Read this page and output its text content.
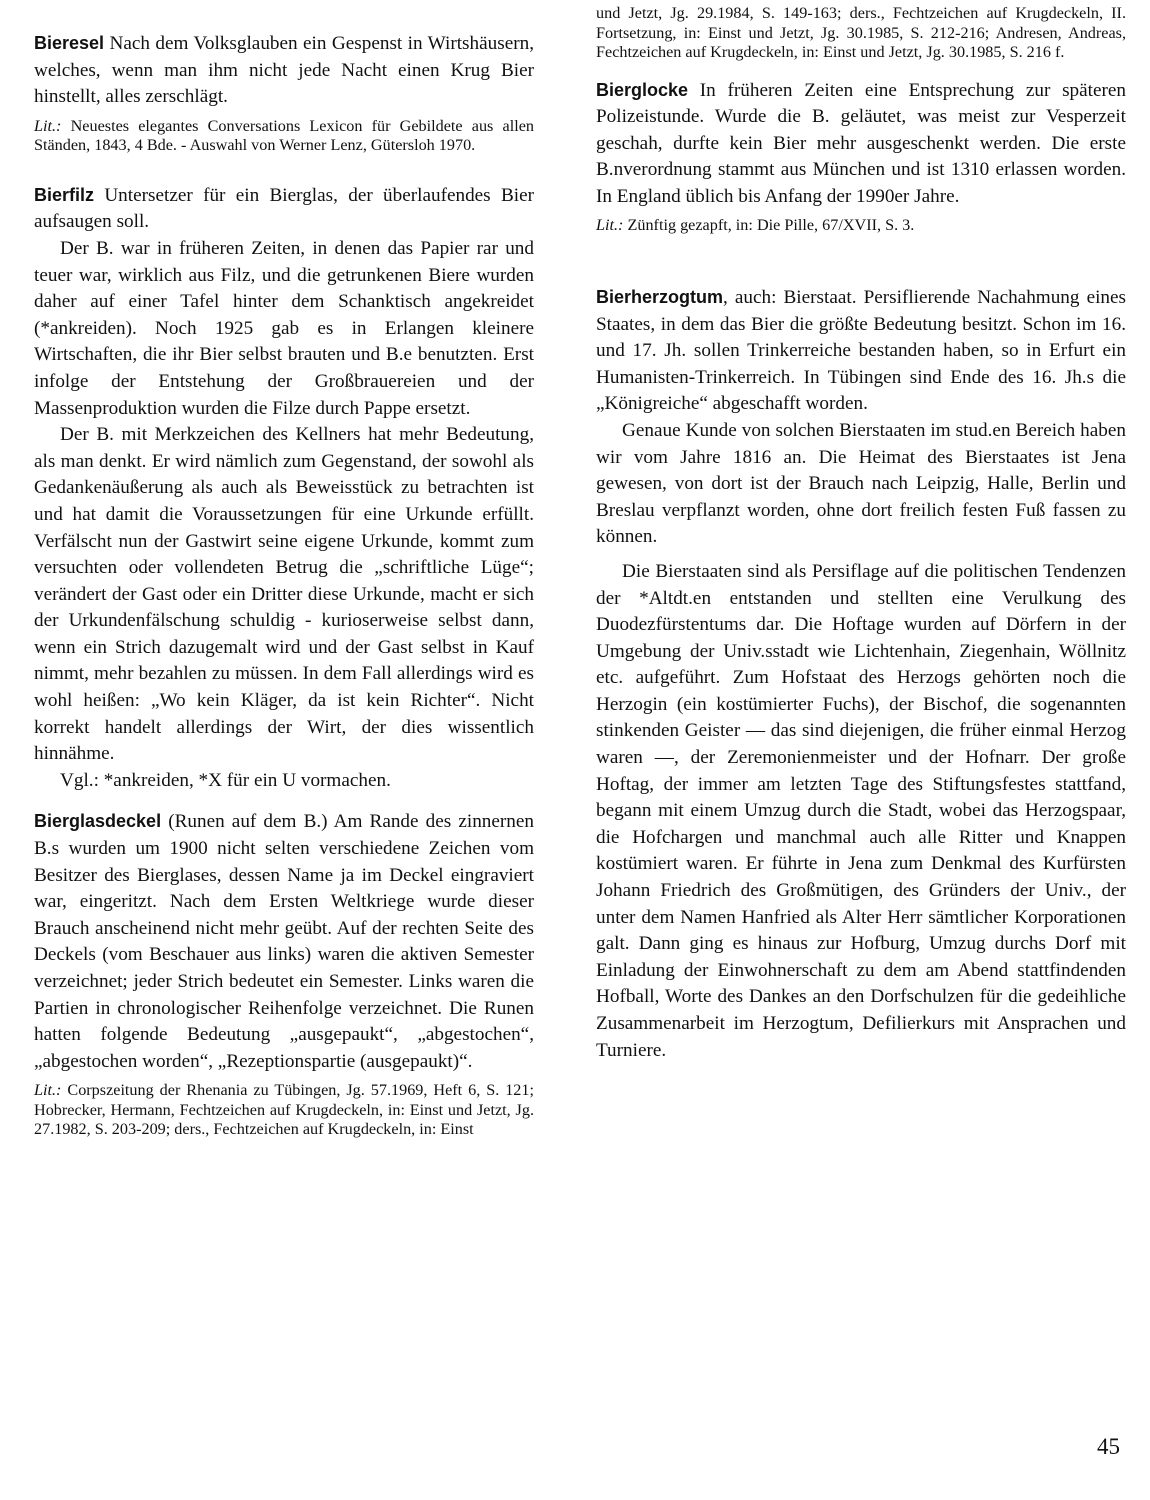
Bieresel Nach dem Volksglauben ein Gespenst in Wirtshäusern, welches, wenn man ihm nicht jede Nacht einen Krug Bier hinstellt, alles zerschlägt.

Lit.: Neuestes elegantes Conversations Lexicon für Gebildete aus allen Ständen, 1843, 4 Bde. - Auswahl von Werner Lenz, Gütersloh 1970.

Bierfilz Untersetzer für ein Bierglas, der überlaufendes Bier aufsaugen soll.

Der B. war in früheren Zeiten, in denen das Papier rar und teuer war, wirklich aus Filz, und die getrunkenen Biere wurden daher auf einer Tafel hinter dem Schanktisch angekreidet (*ankreiden). Noch 1925 gab es in Erlangen kleinere Wirtschaften, die ihr Bier selbst brauten und B.e benutzten. Erst infolge der Entstehung der Großbrauereien und der Massenproduktion wurden die Filze durch Pappe ersetzt.

Der B. mit Merkzeichen des Kellners hat mehr Bedeutung, als man denkt. Er wird nämlich zum Gegenstand, der sowohl als Gedankenäußerung als auch als Beweisstück zu betrachten ist und hat damit die Voraussetzungen für eine Urkunde erfüllt. Verfälscht nun der Gastwirt seine eigene Urkunde, kommt zum versuchten oder vollendeten Betrug die „schriftliche Lüge“; verändert der Gast oder ein Dritter diese Urkunde, macht er sich der Urkundenfälschung schuldig - kurioserweise selbst dann, wenn ein Strich dazugemalt wird und der Gast selbst in Kauf nimmt, mehr bezahlen zu müssen. In dem Fall allerdings wird es wohl heißen: „Wo kein Kläger, da ist kein Richter“. Nicht korrekt handelt allerdings der Wirt, der dies wissentlich hinnähme.

Vgl.: *ankreiden, *X für ein U vormachen.

Bierglasdeckel (Runen auf dem B.) Am Rande des zinnernen B.s wurden um 1900 nicht selten verschiedene Zeichen vom Besitzer des Bierglases, dessen Name ja im Deckel eingraviert war, eingeritzt. Nach dem Ersten Weltkriege wurde dieser Brauch anscheinend nicht mehr geübt. Auf der rechten Seite des Deckels (vom Beschauer aus links) waren die aktiven Semester verzeichnet; jeder Strich bedeutet ein Semester. Links waren die Partien in chronologischer Reihenfolge verzeichnet. Die Runen hatten folgende Bedeutung „ausgepaukt“, „abgestochen“, „abgestochen worden“, „Rezeptionspartie (ausgepaukt)“.

Lit.: Corpszeitung der Rhenania zu Tübingen, Jg. 57.1969, Heft 6, S. 121; Hobrecker, Hermann, Fechtzeichen auf Krugdeckeln, in: Einst und Jetzt, Jg. 27.1982, S. 203-209; ders., Fechtzeichen auf Krugdeckeln, in: Einst

und Jetzt, Jg. 29.1984, S. 149-163; ders., Fechtzeichen auf Krugdeckeln, II. Fortsetzung, in: Einst und Jetzt, Jg. 30.1985, S. 212-216; Andresen, Andreas, Fechtzeichen auf Krugdeckeln, in: Einst und Jetzt, Jg. 30.1985, S. 216 f.

Bierglocke In früheren Zeiten eine Entsprechung zur späteren Polizeistunde. Wurde die B. geläutet, was meist zur Vesperzeit geschah, durfte kein Bier mehr ausgeschenkt werden. Die erste B.nverordnung stammt aus München und ist 1310 erlassen worden. In England üblich bis Anfang der 1990er Jahre.

Lit.: Zünftig gezapft, in: Die Pille, 67/XVII, S. 3.

Bierherzogtum, auch: Bierstaat. Persiflierende Nachahmung eines Staates, in dem das Bier die größte Bedeutung besitzt. Schon im 16. und 17. Jh. sollen Trinkerreiche bestanden haben, so in Erfurt ein Humanisten-Trinkerreich. In Tübingen sind Ende des 16. Jh.s die „Königreiche“ abgeschafft worden.

Genaue Kunde von solchen Bierstaaten im stud.en Bereich haben wir vom Jahre 1816 an. Die Heimat des Bierstaates ist Jena gewesen, von dort ist der Brauch nach Leipzig, Halle, Berlin und Breslau verpflanzt worden, ohne dort freilich festen Fuß fassen zu können.

Die Bierstaaten sind als Persiflage auf die politischen Tendenzen der *Altdt.en entstanden und stellten eine Verulkung des Duodezfürstentums dar. Die Hoftage wurden auf Dörfern in der Umgebung der Univ.sstadt wie Lichtenhain, Ziegenhain, Wöllnitz etc. aufgeführt. Zum Hofstaat des Herzogs gehörten noch die Herzogin (ein kostümierter Fuchs), der Bischof, die sogenannten stinkenden Geister — das sind diejenigen, die früher einmal Herzog waren —, der Zeremonienmeister und der Hofnarr. Der große Hoftag, der immer am letzten Tage des Stiftungsfestes stattfand, begann mit einem Umzug durch die Stadt, wobei das Herzogspaar, die Hofchargen und manchmal auch alle Ritter und Knappen kostümiert waren. Er führte in Jena zum Denkmal des Kurfürsten Johann Friedrich des Großmütigen, des Gründers der Univ., der unter dem Namen Hanfried als Alter Herr sämtlicher Korporationen galt. Dann ging es hinaus zur Hofburg, Umzug durchs Dorf mit Einladung der Einwohnerschaft zu dem am Abend stattfindenden Hofball, Worte des Dankes an den Dorfschulzen für die gedeihliche Zusammenarbeit im Herzogtum, Defilierkurs mit Ansprachen und Turniere.

45
